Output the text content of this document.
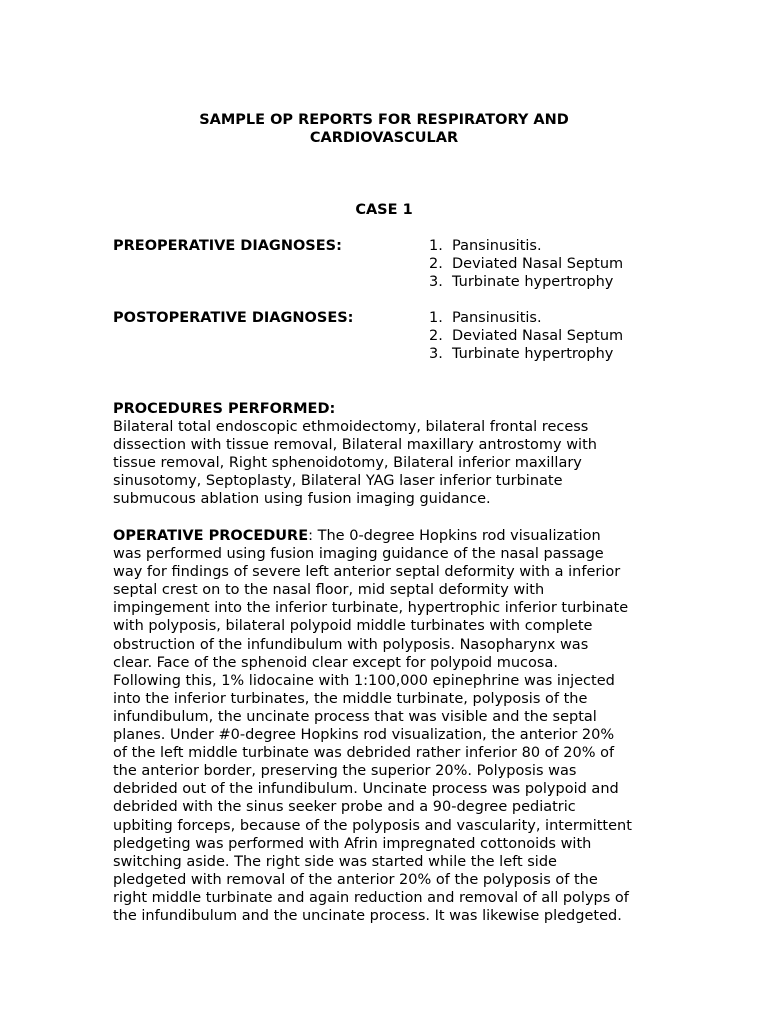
SAMPLE OP REPORTS FOR RESPIRATORY AND
CARDIOVASCULAR
CASE 1
PREOPERATIVE DIAGNOSES:	1. Pansinusitis.
2. Deviated Nasal Septum
3. Turbinate hypertrophy
POSTOPERATIVE DIAGNOSES:	1. Pansinusitis.
2. Deviated Nasal Septum
3. Turbinate hypertrophy
PROCEDURES PERFORMED:
Bilateral total endoscopic ethmoidectomy, bilateral frontal recess
dissection with tissue removal, Bilateral maxillary antrostomy with
tissue removal, Right sphenoidotomy, Bilateral inferior maxillary
sinusotomy, Septoplasty, Bilateral YAG laser inferior turbinate
submucous ablation using fusion imaging guidance.
OPERATIVE PROCEDURE: The 0-degree Hopkins rod visualization
was performed using fusion imaging guidance of the nasal passage
way for findings of severe left anterior septal deformity with a inferior
septal crest on to the nasal floor, mid septal deformity with
impingement into the inferior turbinate, hypertrophic inferior turbinate
with polyposis, bilateral polypoid middle turbinates with complete
obstruction of the infundibulum with polyposis. Nasopharynx was
clear. Face of the sphenoid clear except for polypoid mucosa.
Following this, 1% lidocaine with 1:100,000 epinephrine was injected
into the inferior turbinates, the middle turbinate, polyposis of the
infundibulum, the uncinate process that was visible and the septal
planes. Under #0-degree Hopkins rod visualization, the anterior 20%
of the left middle turbinate was debrided rather inferior 80 of 20% of
the anterior border, preserving the superior 20%. Polyposis was
debrided out of the infundibulum. Uncinate process was polypoid and
debrided with the sinus seeker probe and a 90-degree pediatric
upbiting forceps, because of the polyposis and vascularity, intermittent
pledgeting was performed with Afrin impregnated cottonoids with
switching aside. The right side was started while the left side
pledgeted with removal of the anterior 20% of the polyposis of the
right middle turbinate and again reduction and removal of all polyps of
the infundibulum and the uncinate process. It was likewise pledgeted.
